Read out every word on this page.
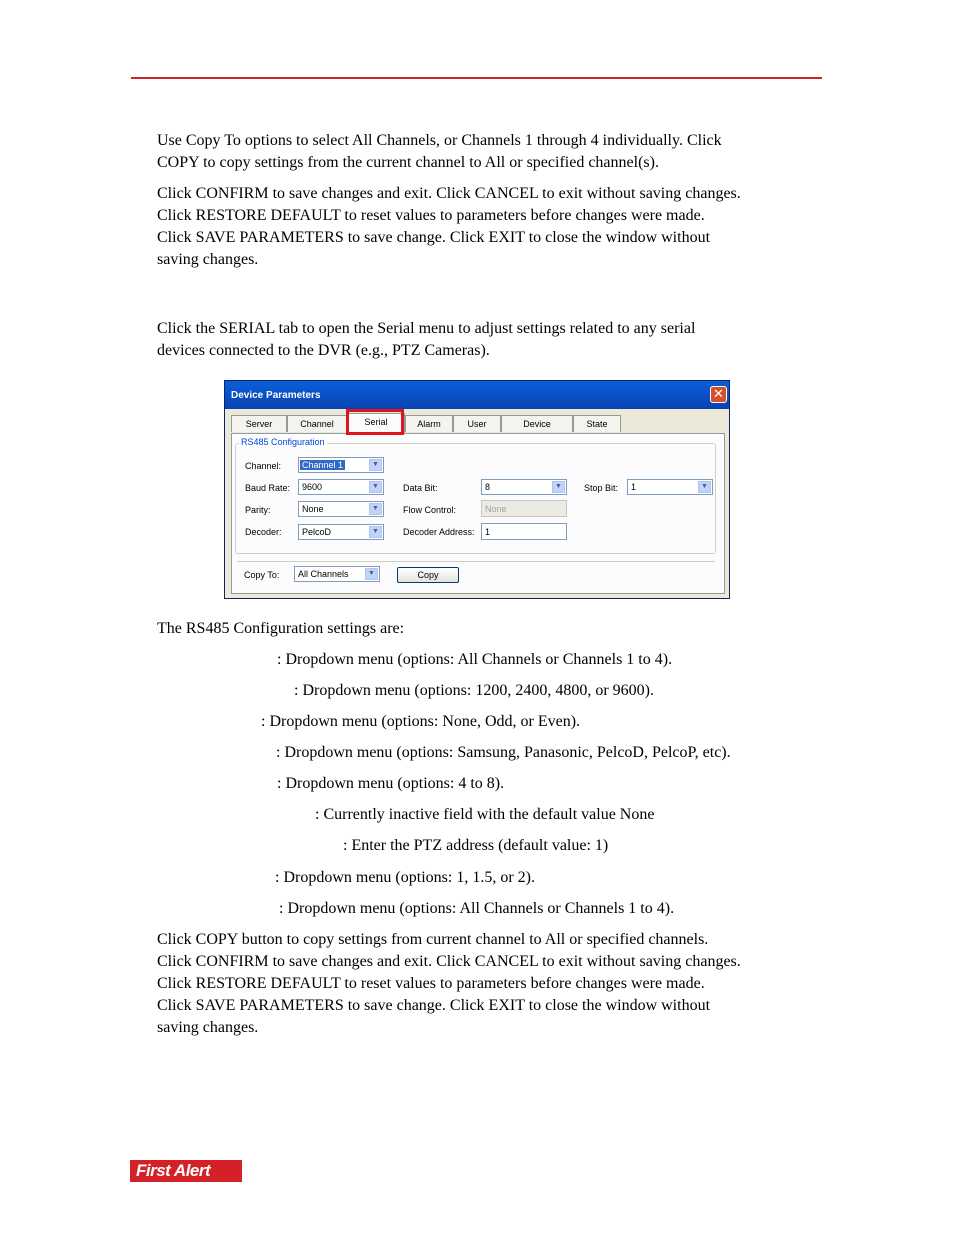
Use Copy To options to select All Channels, or Channels 1 through 4 individually. Click
COPY to copy settings from the current channel to All or specified channel(s).

Click CONFIRM to save changes and exit. Click CANCEL to exit without saving changes.
Click RESTORE DEFAULT to reset values to parameters before changes were made.
Click SAVE PARAMETERS to save change. Click EXIT to close the window without
saving changes.

Click the SERIAL tab to open the Serial menu to adjust settings related to any serial
devices connected to the DVR (e.g., PTZ Cameras).

Device Parameters	✕
Server	Channel	Serial	Alarm	User	Device	State
RS485 Configuration
Channel: Channel 1	▼
Baud Rate: 9600	▼
Parity:	None	▼
Decoder: PelcoD	▼
Data Bit:	8	▼
Flow Control:	None
Decoder Address: 1
Stop Bit: 1	▼
Copy To: All Channels	▼	Copy

The RS485 Configuration settings are:

: Dropdown menu (options: All Channels or Channels 1 to 4).
: Dropdown menu (options: 1200, 2400, 4800, or 9600).
: Dropdown menu (options: None, Odd, or Even).
: Dropdown menu (options: Samsung, Panasonic, PelcoD, PelcoP, etc).
: Dropdown menu (options: 4 to 8).
: Currently inactive field with the default value None
: Enter the PTZ address (default value: 1)
: Dropdown menu (options: 1, 1.5, or 2).
: Dropdown menu (options: All Channels or Channels 1 to 4).

Click COPY button to copy settings from current channel to All or specified channels.
Click CONFIRM to save changes and exit. Click CANCEL to exit without saving changes.
Click RESTORE DEFAULT to reset values to parameters before changes were made.
Click SAVE PARAMETERS to save change. Click EXIT to close the window without
saving changes.

First Alert
